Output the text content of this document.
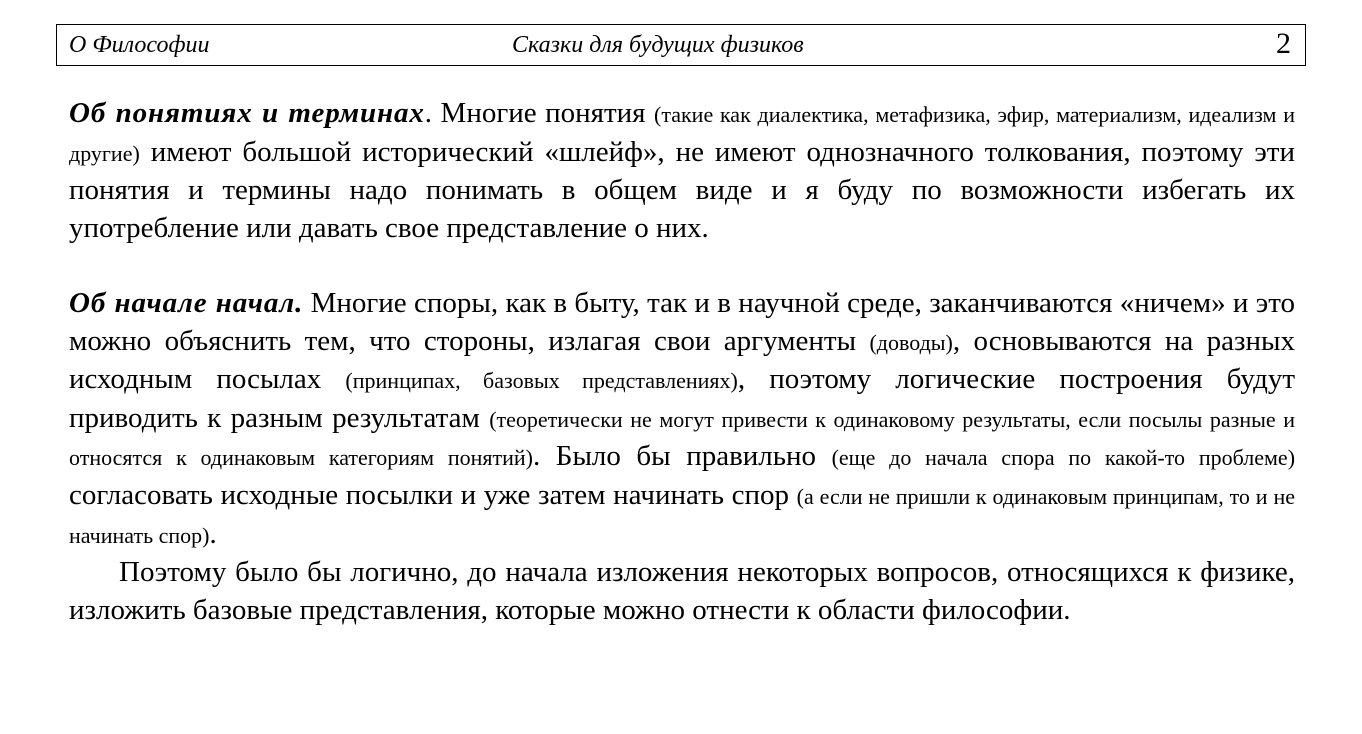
О Философии	Сказки для будущих физиков	2

Об понятиях и терминах. Многие понятия (такие как диалектика, метафизика, эфир, материализм, идеализм и другие) имеют большой исторический «шлейф», не имеют однозначного толкования, поэтому эти понятия и термины надо понимать в общем виде и я буду по возможности избегать их употребление или давать свое представление о них.

Об начале начал. Многие споры, как в быту, так и в научной среде, заканчиваются «ничем» и это можно объяснить тем, что стороны, излагая свои аргументы (доводы), основываются на разных исходным посылах (принципах, базовых представлениях), поэтому логические построения будут приводить к разным результатам (теоретически не могут привести к одинаковому результаты, если посылы разные и относятся к одинаковым категориям понятий). Было бы правильно (еще до начала спора по какой-то проблеме) согласовать исходные посылки и уже затем начинать спор (а если не пришли к одинаковым принципам, то и не начинать спор).

Поэтому было бы логично, до начала изложения некоторых вопросов, относящихся к физике, изложить базовые представления, которые можно отнести к области философии.
